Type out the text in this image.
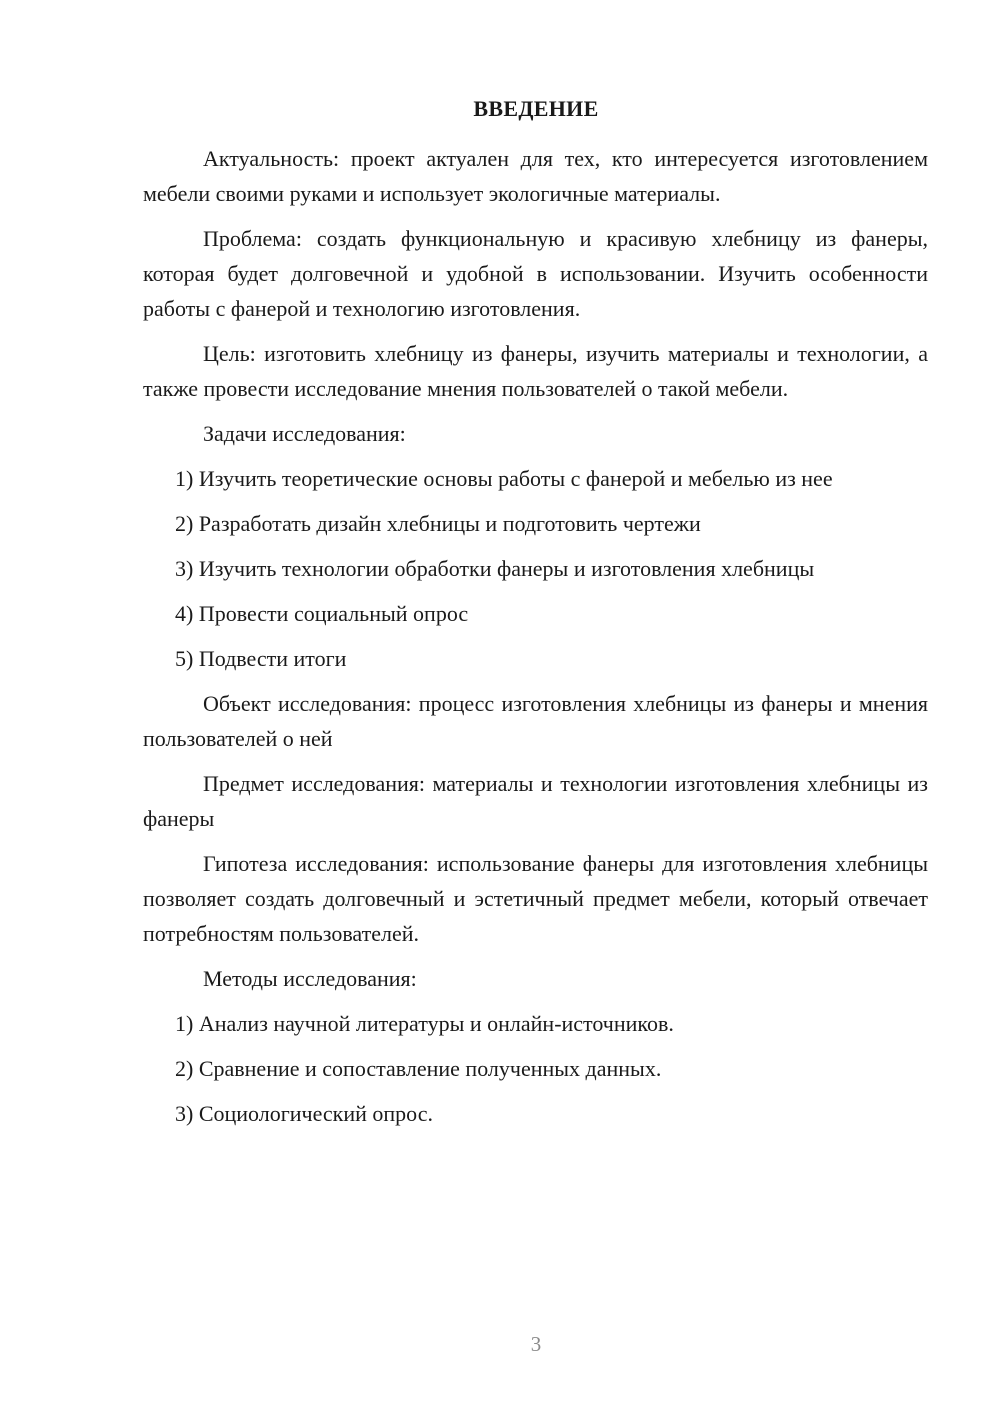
ВВЕДЕНИЕ

Актуальность: проект актуален для тех, кто интересуется изготовлением мебели своими руками и использует экологичные материалы.

Проблема: создать функциональную и красивую хлебницу из фанеры, которая будет долговечной и удобной в использовании. Изучить особенности работы с фанерой и технологию изготовления.

Цель: изготовить хлебницу из фанеры, изучить материалы и технологии, а также провести исследование мнения пользователей о такой мебели.

Задачи исследования:
1) Изучить теоретические основы работы с фанерой и мебелью из нее
2) Разработать дизайн хлебницы и подготовить чертежи
3) Изучить технологии обработки фанеры и изготовления хлебницы
4) Провести социальный опрос
5) Подвести итоги

Объект исследования: процесс изготовления хлебницы из фанеры и мнения пользователей о ней

Предмет исследования: материалы и технологии изготовления хлебницы из фанеры

Гипотеза исследования: использование фанеры для изготовления хлебницы позволяет создать долговечный и эстетичный предмет мебели, который отвечает потребностям пользователей.

Методы исследования:
1) Анализ научной литературы и онлайн-источников.
2) Сравнение и сопоставление полученных данных.
3) Социологический опрос.
3
